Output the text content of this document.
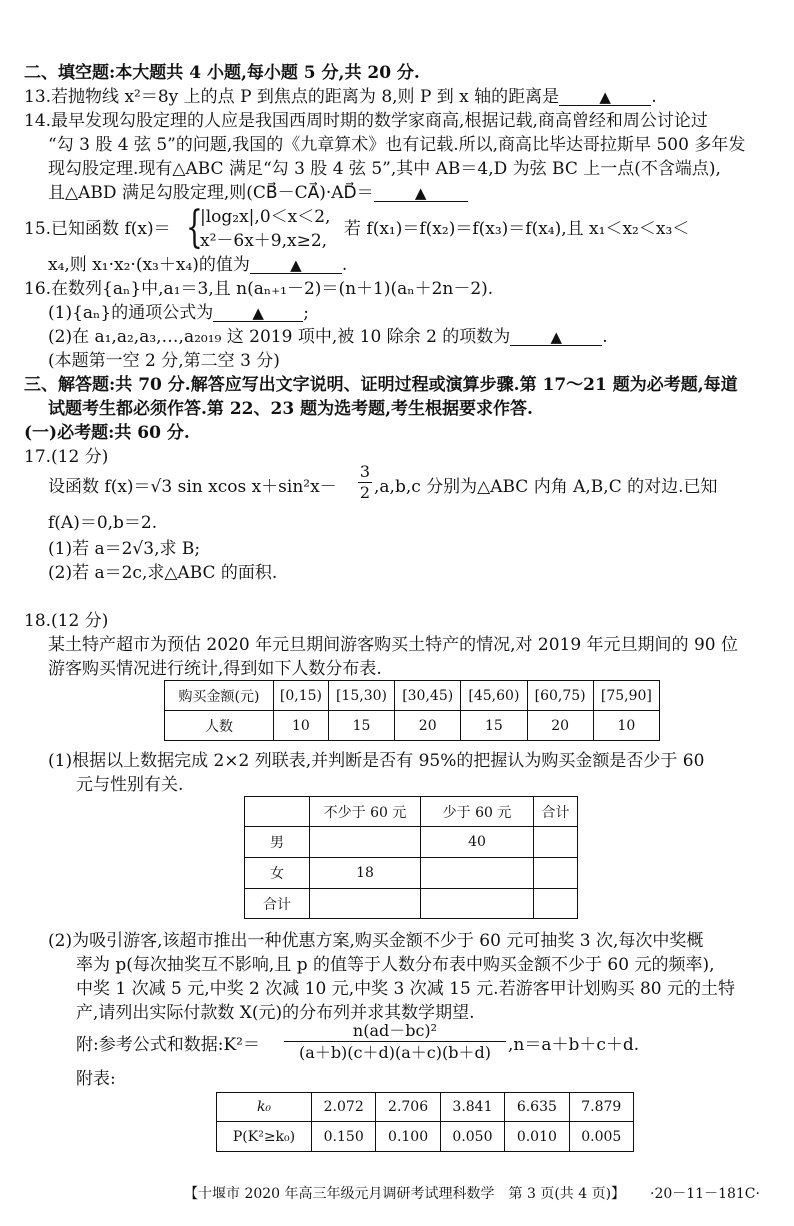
二、填空题:本大题共 4 小题,每小题 5 分,共 20 分.
13.若抛物线 x²＝8y 上的点 P 到焦点的距离为 8,则 P 到 x 轴的距离是	▲ .
14.最早发现勾股定理的人应是我国西周时期的数学家商高,根据记载,商高曾经和周公讨论过
“勾 3 股 4 弦 5”的问题,我国的《九章算术》也有记载.所以,商高比毕达哥拉斯早 500 多年发
现勾股定理.现有△ABC 满足“勾 3 股 4 弦 5”,其中 AB＝4,D 为弦 BC 上一点(不含端点),
且△ABD 满足勾股定理,则(CB⃗－CA⃗)·AD⃗＝	▲
15.已知函数 f(x)＝ {
|log₂x|,0＜x＜2,
x²－6x＋9,x≥2,
若 f(x₁)＝f(x₂)＝f(x₃)＝f(x₄),且 x₁＜x₂＜x₃＜
x₄,则 x₁·x₂·(x₃＋x₄)的值为	▲ .
16.在数列{aₙ}中,a₁＝3,且 n(aₙ₊₁－2)＝(n＋1)(aₙ＋2n－2).
(1){aₙ}的通项公式为	▲ ;
(2)在 a₁,a₂,a₃,…,a₂₀₁₉ 这 2019 项中,被 10 除余 2 的项数为	▲ .
(本题第一空 2 分,第二空 3 分)
三、解答题:共 70 分.解答应写出文字说明、证明过程或演算步骤.第 17～21 题为必考题,每道
试题考生都必须作答.第 22、23 题为选考题,考生根据要求作答.
(一)必考题:共 60 分.
17.(12 分)
设函数 f(x)＝√3 sin xcos $x+\sin^2x- \frac{3}{2} ,a,b,c$ 分别为△ABC 内角 A,B,C 的对边.已知
f(A)＝0,b＝2.
(1)若 a＝2√3,求 B;
(2)若 a＝2c,求△ABC 的面积.
18.(12 分)
某土特产超市为预估 2020 年元旦期间游客购买土特产的情况,对 2019 年元旦期间的 90 位
游客购买情况进行统计,得到如下人数分布表.
购买金额(元)	[0,15)	[15,30)	[30,45)	[45,60)	[60,75)	[75,90]
人数	10	15	20	15	20	10
(1)根据以上数据完成 2×2 列联表,并判断是否有 95%的把握认为购买金额是否少于 60
元与性别有关.
	不少于 60 元	少于 60 元	合计
男		40	
女	18		
合计			
(2)为吸引游客,该超市推出一种优惠方案,购买金额不少于 60 元可抽奖 3 次,每次中奖概
率为 p(每次抽奖互不影响,且 p 的值等于人数分布表中购买金额不少于 60 元的频率),
中奖 1 次减 5 元,中奖 2 次减 10 元,中奖 3 次减 15 元.若游客甲计划购买 80 元的土特
产,请列出实际付款数 X(元)的分布列并求其数学期望.
附:参考公式和数据:K²＝ $\frac{\text{n(ad－bc)²}}{(a+b)(c+d)(a+c)(b+d)} ,n=a+b+c+d$.
附表:
k₀	2.072	2.706	3.841	6.635	7.879
P(K²≥k₀)	0.150	0.100	0.050	0.010	0.005
【十堰市 2020 年高三年级元月调研考试理科数学　第 3 页(共 4 页)】 ·20－11－181C·
